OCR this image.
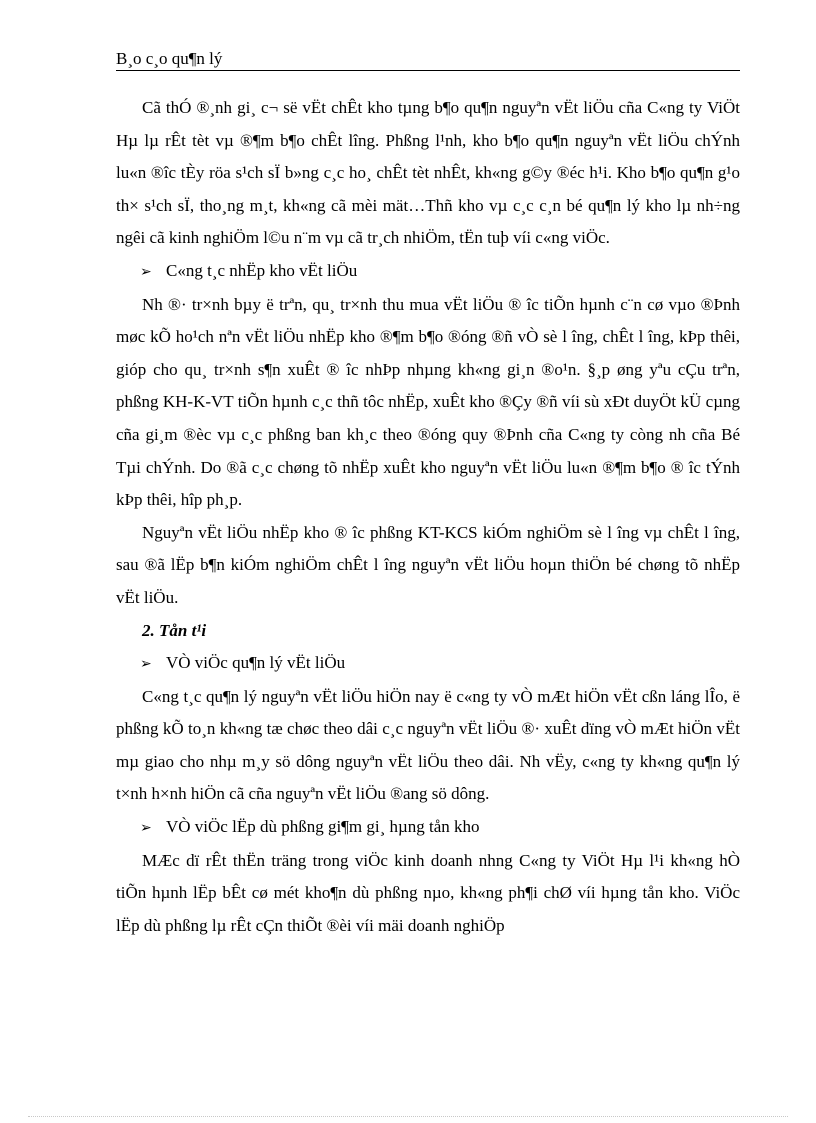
B¸o c¸o qu¶n lý

Cã thÓ ®¸nh gi¸ c¬ së vËt chÊt kho tµng b¶o qu¶n nguyªn vËt liÖu cña C«ng ty ViÖt Hµ lµ rÊt tèt vµ ®¶m b¶o chÊt lîng. Phßng l¹nh, kho b¶o qu¶n nguyªn vËt liÖu chÝnh lu«n ®îc tÈy röa s¹ch sÏ b»ng c¸c ho¸ chÊt tèt nhÊt, kh«ng g©y ®éc h¹i. Kho b¶o qu¶n g¹o th× s¹ch sÏ, tho¸ng m¸t, kh«ng cã mèi mät…Thñ kho vµ c¸c c¸n bé qu¶n lý kho lµ nh÷ng ngêi cã kinh nghiÖm l©u n¨m vµ cã tr¸ch nhiÖm, tËn tuþ víi c«ng viÖc.

➢ C«ng t¸c nhËp kho vËt liÖu

Nh ®· tr×nh bµy ë trªn, qu¸ tr×nh thu mua vËt liÖu ® îc tiÕn hµnh c¨n cø vµo ®Þnh møc kÕ ho¹ch nªn vËt liÖu nhËp kho ®¶m b¶o ®óng ®ñ vÒ sè l îng, chÊt l îng, kÞp thêi, gióp cho qu¸ tr×nh s¶n xuÊt ® îc nhÞp nhµng kh«ng gi¸n ®o¹n. §¸p øng yªu cÇu trªn, phßng KH-K-VT tiÕn hµnh c¸c thñ tôc nhËp, xuÊt kho ®Çy ®ñ víi sù xÐt duyÖt kÜ cµng cña gi¸m ®èc vµ c¸c phßng ban kh¸c theo ®óng quy ®Þnh cña C«ng ty còng nh cña Bé Tµi chÝnh. Do ®ã c¸c chøng tõ nhËp xuÊt kho nguyªn vËt liÖu lu«n ®¶m b¶o ® îc tÝnh kÞp thêi, hîp ph¸p.

Nguyªn vËt liÖu nhËp kho ® îc phßng KT-KCS kiÓm nghiÖm sè l îng vµ chÊt l îng, sau ®ã lËp b¶n kiÓm nghiÖm chÊt l îng nguyªn vËt liÖu hoµn thiÖn bé chøng tõ nhËp vËt liÖu.

2. Tån t¹i

➢ VÒ viÖc qu¶n lý vËt liÖu

C«ng t¸c qu¶n lý nguyªn vËt liÖu hiÖn nay ë c«ng ty vÒ mÆt hiÖn vËt cßn láng lÎo, ë phßng kÕ to¸n kh«ng tæ chøc theo dâi c¸c nguyªn vËt liÖu ®· xuÊt dïng vÒ mÆt hiÖn vËt mµ giao cho nhµ m¸y sö dông nguyªn vËt liÖu theo dâi. Nh vËy, c«ng ty kh«ng qu¶n lý t×nh h×nh hiÖn cã cña nguyªn vËt liÖu ®ang sö dông.

➢ VÒ viÖc lËp dù phßng gi¶m gi¸ hµng tån kho

MÆc dï rÊt thËn träng trong viÖc kinh doanh nhng C«ng ty ViÖt Hµ l¹i kh«ng hÒ tiÕn hµnh lËp bÊt cø mét kho¶n dù phßng nµo, kh«ng ph¶i chØ víi hµng tån kho. ViÖc lËp dù phßng lµ rÊt cÇn thiÕt ®èi víi mäi doanh nghiÖp
